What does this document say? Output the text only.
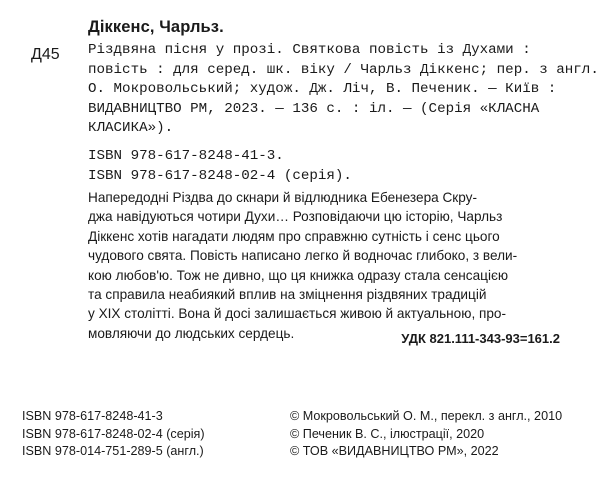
Діккенс, Чарльз.
Д45 Різдвяна пісня у прозі. Святкова повість із Духами :
повість : для серед. шк. віку / Чарльз Діккенс; пер. з англ.
О. Мокровольський; худож. Дж. Ліч, В. Печеник. — Київ :
ВИДАВНИЦТВО РМ, 2023. — 136 с. : іл. — (Серія «КЛАСНА
КЛАСИКА»).
ISBN 978-617-8248-41-3.
ISBN 978-617-8248-02-4 (серія).
Напередодні Різдва до скнари й відлюдника Ебенезера Скру-
джа навідуються чотири Духи… Розповідаючи цю історію, Чарльз
Діккенс хотів нагадати людям про справжню сутність і сенс цього
чудового свята. Повість написано легко й водночас глибоко, з вели-
кою любов'ю. Тож не дивно, що ця книжка одразу стала сенсацією
та справила неабиякий вплив на зміцнення різдвяних традицій
у XIX столітті. Вона й досі залишається живою й актуальною, про-
мовляючи до людських сердець.	УДК 821.111-343-93=161.2
ISBN 978-617-8248-41-3
ISBN 978-617-8248-02-4 (серія)
ISBN 978-014-751-289-5 (англ.)
© Мокровольський О. М., перекл. з англ., 2010
© Печеник В. С., ілюстрації, 2020
© ТОВ «ВИДАВНИЦТВО РМ», 2022
